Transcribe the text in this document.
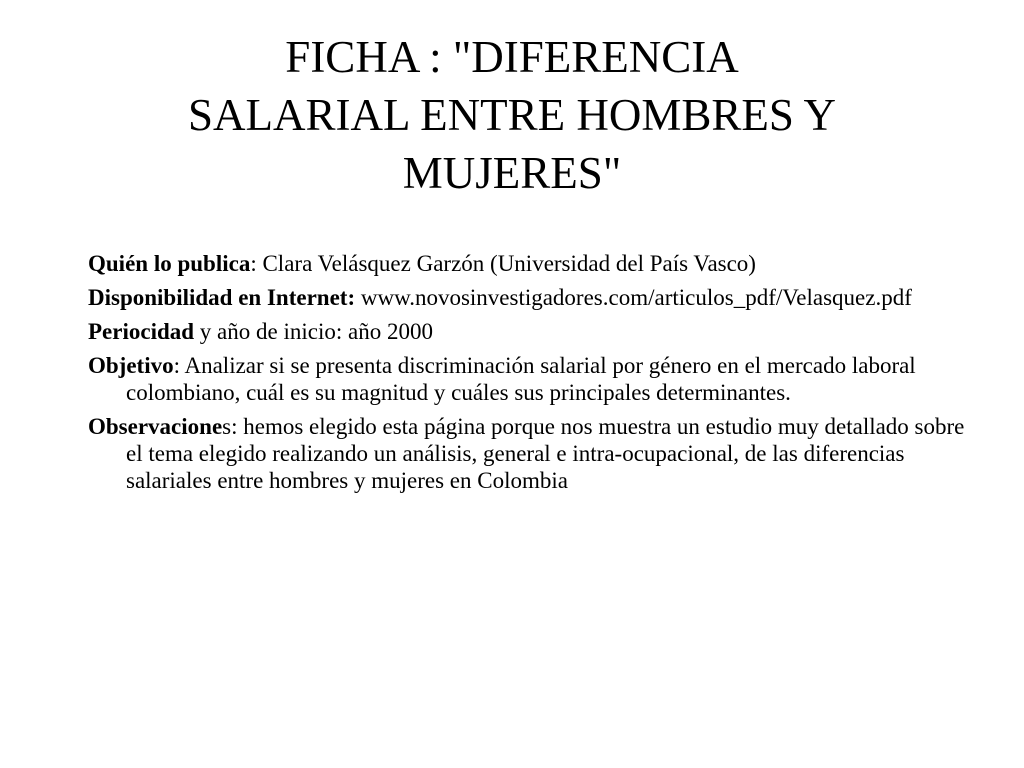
FICHA : "DIFERENCIA
SALARIAL ENTRE HOMBRES Y
MUJERES"

Quién lo publica: Clara Velásquez Garzón (Universidad del País Vasco)

Disponibilidad en Internet: www.novosinvestigadores.com/articulos_pdf/Velasquez.pdf

Periocidad y año de inicio: año 2000

Objetivo: Analizar si se presenta discriminación salarial por género en el mercado laboral colombiano, cuál es su magnitud y cuáles sus principales determinantes.

Observaciones: hemos elegido esta página porque nos muestra un estudio muy detallado sobre el tema elegido realizando un análisis, general e intra-ocupacional, de las diferencias salariales entre hombres y mujeres en Colombia
